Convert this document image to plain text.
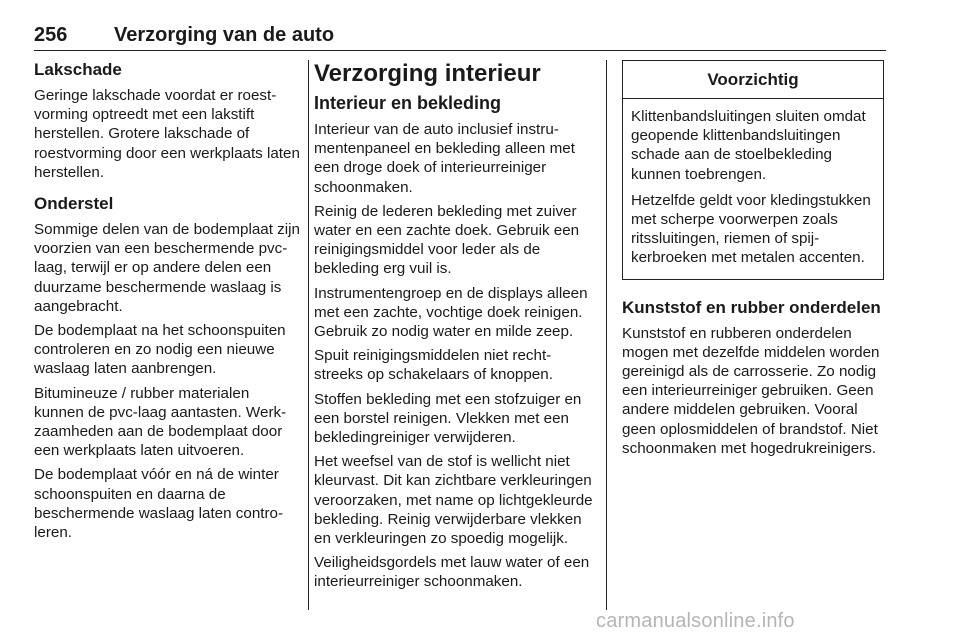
256 Verzorging van de auto
Lakschade

Geringe lakschade voordat er roestvorming optreedt met een lakstift herstellen. Grotere lakschade of roestvorming door een werkplaats laten herstellen.

Onderstel

Sommige delen van de bodemplaat zijn voorzien van een beschermende pvc-laag, terwijl er op andere delen een duurzame beschermende waslaag is aangebracht.

De bodemplaat na het schoonspuiten controleren en zo nodig een nieuwe waslaag laten aanbrengen.

Bitumineuze / rubber materialen kunnen de pvc-laag aantasten. Werkzaamheden aan de bodemplaat door een werkplaats laten uitvoeren.

De bodemplaat vóór en ná de winter schoonspuiten en daarna de beschermende waslaag laten controleren.

Verzorging interieur
Interieur en bekleding

Interieur van de auto inclusief instrumentenpaneel en bekleding alleen met een droge doek of interieurreiniger schoonmaken.

Reinig de lederen bekleding met zuiver water en een zachte doek. Gebruik een reinigingsmiddel voor leder als de bekleding erg vuil is.

Instrumentengroep en de displays alleen met een zachte, vochtige doek reinigen. Gebruik zo nodig water en milde zeep.

Spuit reinigingsmiddelen niet rechtstreeks op schakelaars of knoppen.

Stoffen bekleding met een stofzuiger en een borstel reinigen. Vlekken met een bekledingreiniger verwijderen.

Het weefsel van de stof is wellicht niet kleurvast. Dit kan zichtbare verkleuringen veroorzaken, met name op lichtgekleurde bekleding. Reinig verwijderbare vlekken en verkleuringen zo spoedig mogelijk.

Veiligheidsgordels met lauw water of een interieurreiniger schoonmaken.

Voorzichtig

Klittenbandsluitingen sluiten omdat geopende klittenbandsluitingen schade aan de stoelbekleding kunnen toebrengen.

Hetzelfde geldt voor kledingstukken met scherpe voorwerpen zoals ritssluitingen, riemen of spijkerbroeken met metalen accenten.

Kunststof en rubber onderdelen

Kunststof en rubberen onderdelen mogen met dezelfde middelen worden gereinigd als de carrosserie. Zo nodig een interieurreiniger gebruiken. Geen andere middelen gebruiken. Vooral geen oplosmiddelen of brandstof. Niet schoonmaken met hogedrukreinigers.

carmanualsonline.info
